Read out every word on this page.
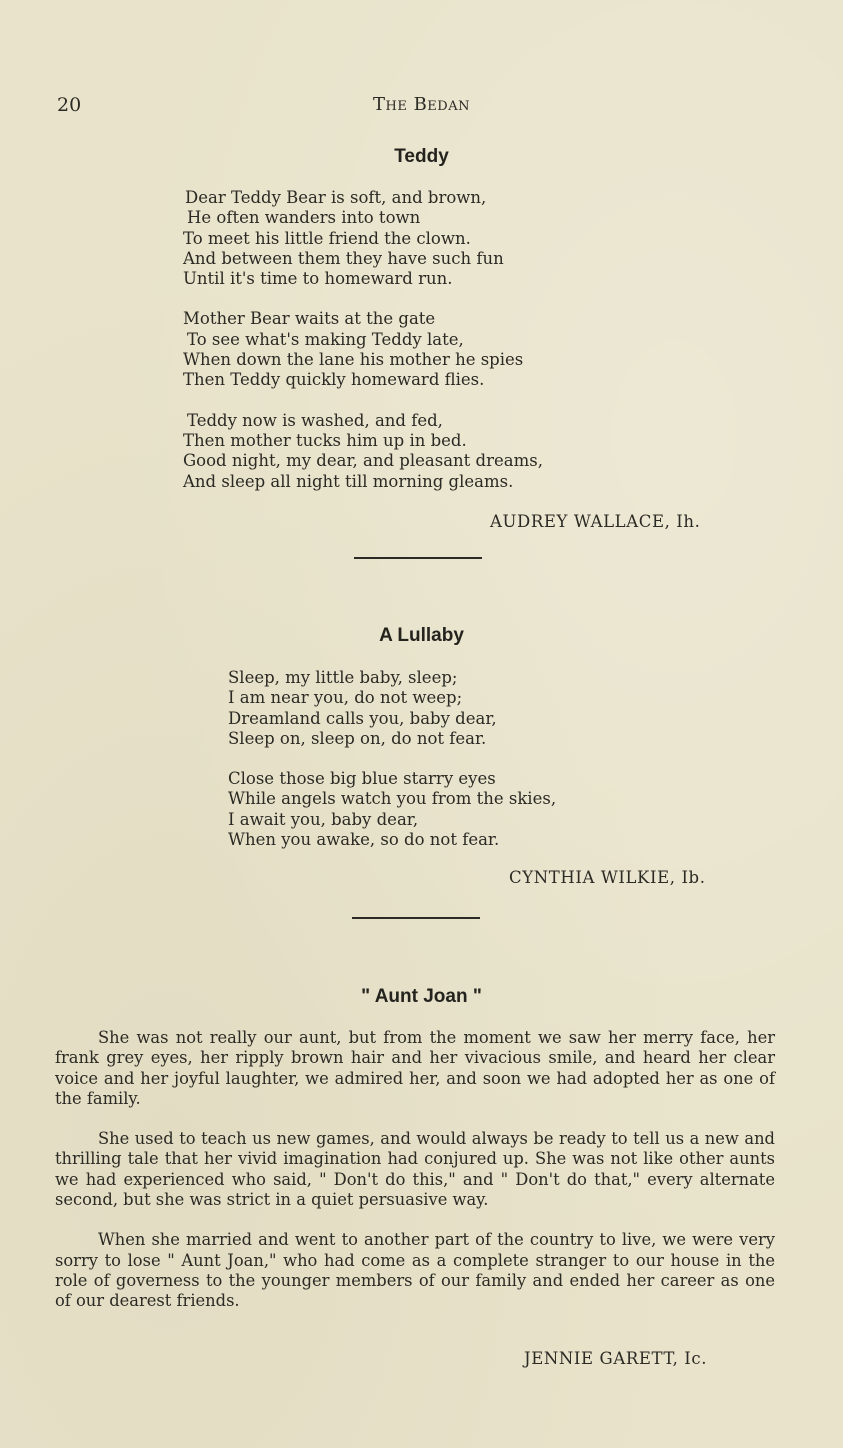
20	The Bedan
Teddy
Dear Teddy Bear is soft, and brown,
He often wanders into town
To meet his little friend the clown.
And between them they have such fun
Until it's time to homeward run.
Mother Bear waits at the gate
To see what's making Teddy late,
When down the lane his mother he spies
Then Teddy quickly homeward flies.
Teddy now is washed, and fed,
Then mother tucks him up in bed.
Good night, my dear, and pleasant dreams,
And sleep all night till morning gleams.
AUDREY WALLACE, Ih.
A Lullaby
Sleep, my little baby, sleep;
I am near you, do not weep;
Dreamland calls you, baby dear,
Sleep on, sleep on, do not fear.
Close those big blue starry eyes
While angels watch you from the skies,
I await you, baby dear,
When you awake, so do not fear.
CYNTHIA WILKIE, Ib.
" Aunt Joan "

She was not really our aunt, but from the moment we saw her merry face, her frank grey eyes, her ripply brown hair and her vivacious smile, and heard her clear voice and her joyful laughter, we admired her, and soon we had adopted her as one of the family.

She used to teach us new games, and would always be ready to tell us a new and thrilling tale that her vivid imagination had conjured up. She was not like other aunts we had experienced who said, " Don't do this," and " Don't do that," every alternate second, but she was strict in a quiet persuasive way.

When she married and went to another part of the country to live, we were very sorry to lose " Aunt Joan," who had come as a complete stranger to our house in the role of governess to the younger members of our family and ended her career as one of our dearest friends.

JENNIE GARETT, Ic.
